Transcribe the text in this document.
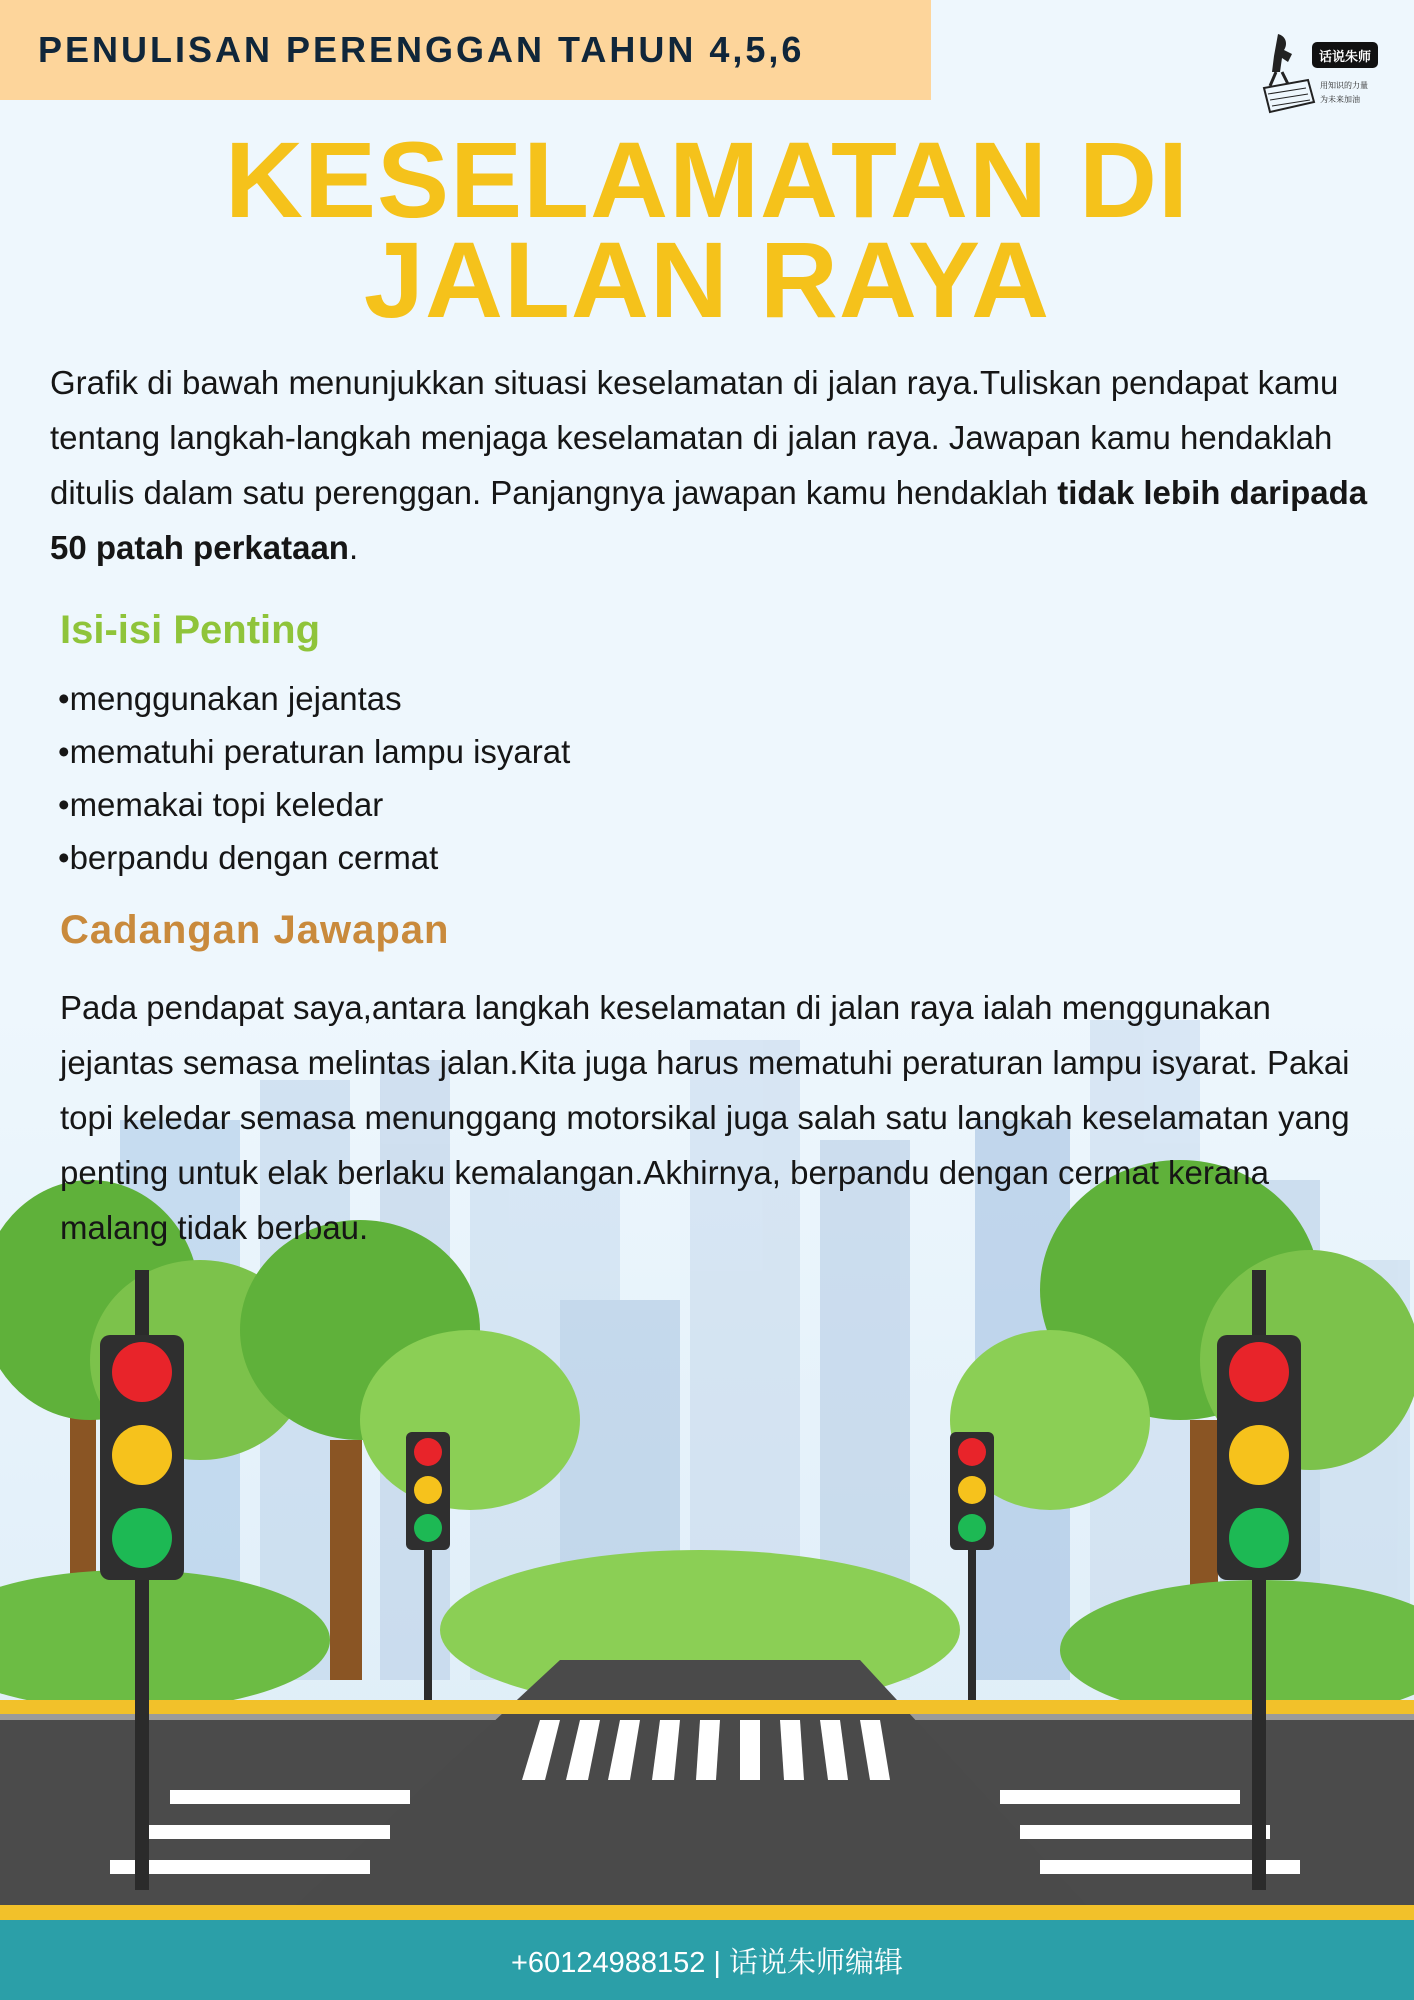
PENULISAN PERENGGAN TAHUN 4,5,6	话说朱师
用知识的力量
为未来加油
KESELAMATAN DI
JALAN RAYA
Grafik di bawah menunjukkan situasi keselamatan di jalan raya.Tuliskan pendapat kamu tentang langkah-langkah menjaga keselamatan di jalan raya. Jawapan kamu hendaklah ditulis dalam satu perenggan. Panjangnya jawapan kamu hendaklah tidak lebih daripada 50 patah perkataan.
Isi-isi Penting
• menggunakan jejantas
• mematuhi peraturan lampu isyarat
• memakai topi keledar
• berpandu dengan cermat
Cadangan Jawapan
Pada pendapat saya,antara langkah keselamatan di jalan raya ialah menggunakan jejantas semasa melintas jalan.Kita juga harus mematuhi peraturan lampu isyarat. Pakai topi keledar semasa menunggang motorsikal juga salah satu langkah keselamatan yang penting untuk elak berlaku kemalangan.Akhirnya, berpandu dengan cermat kerana malang tidak berbau.
+60124988152 | 话说朱师编辑
